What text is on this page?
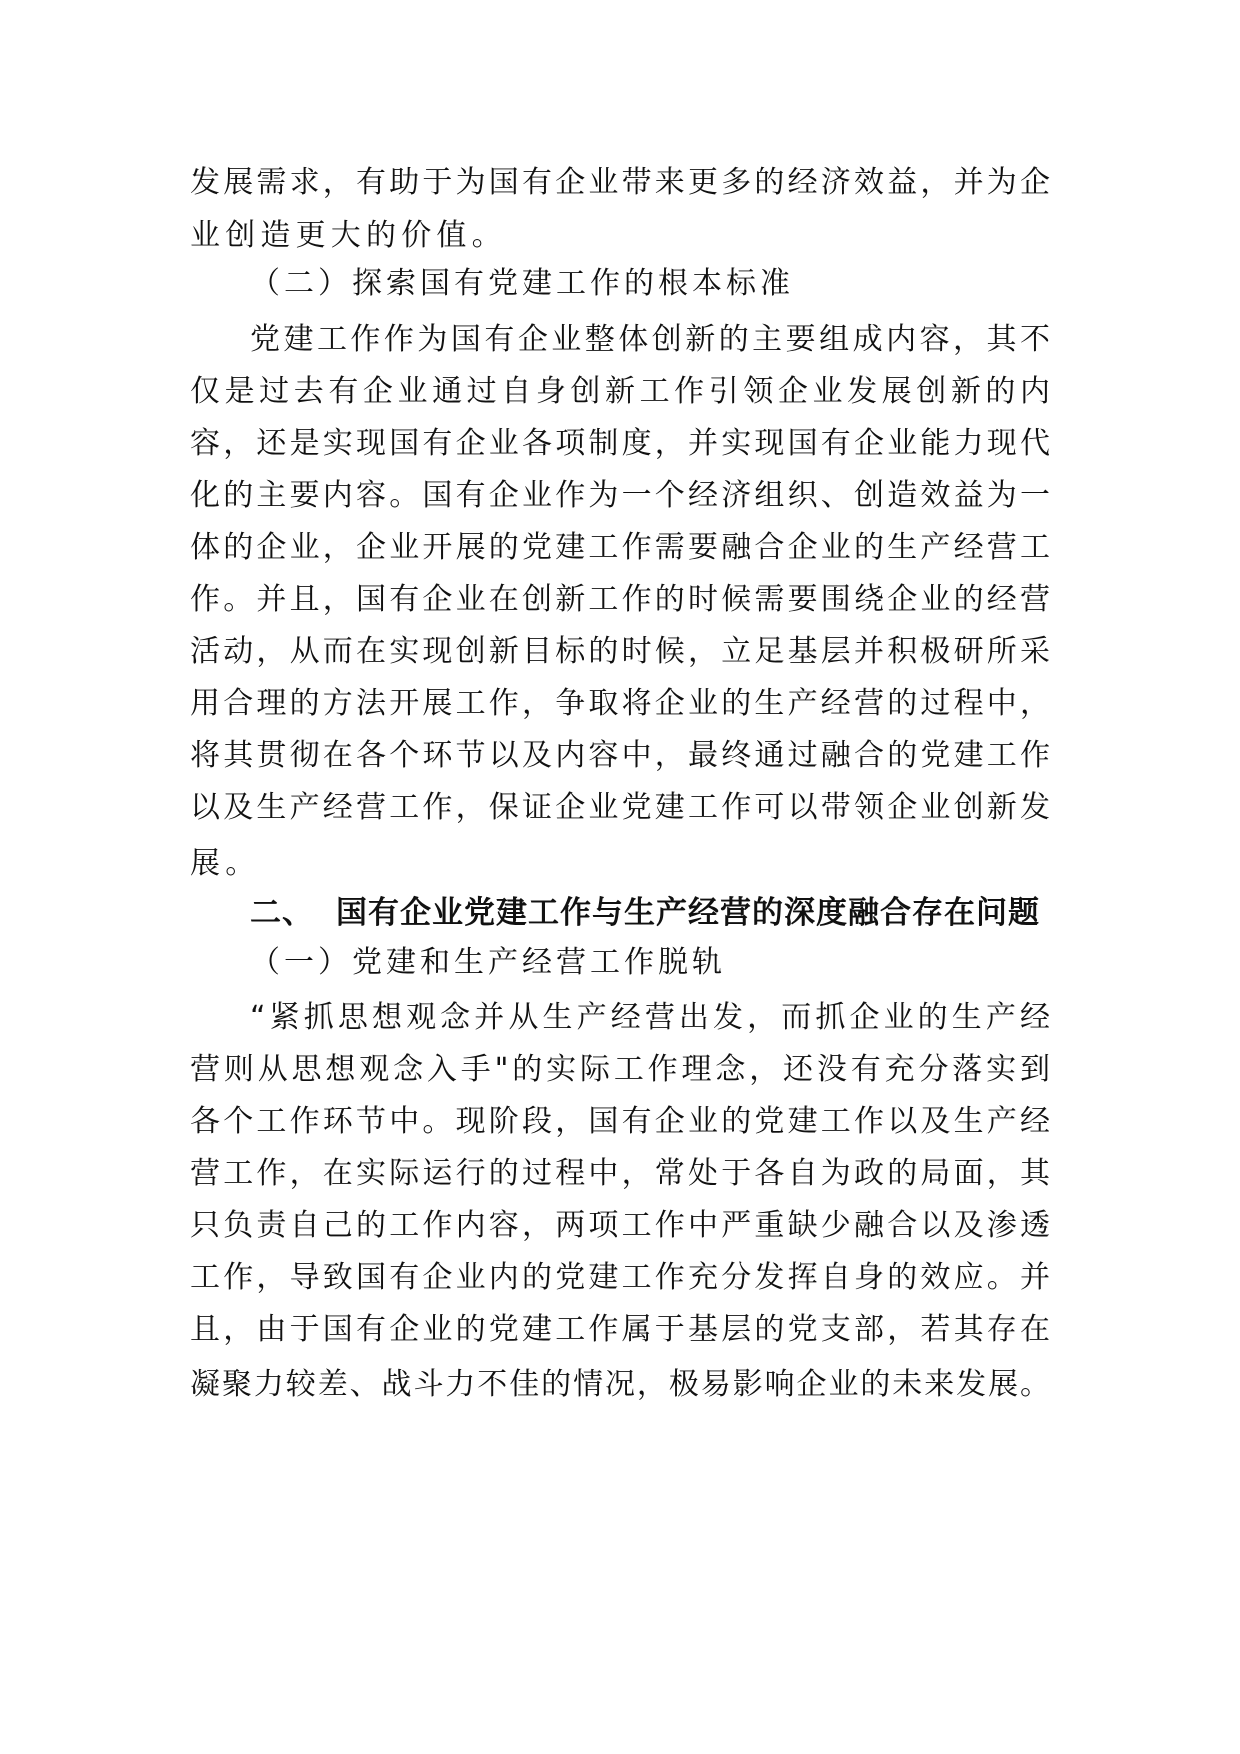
发展需求，有助于为国有企业带来更多的经济效益，并为企
业创造更大的价值。
（二）探索国有党建工作的根本标准
党建工作作为国有企业整体创新的主要组成内容，其不
仅是过去有企业通过自身创新工作引领企业发展创新的内
容，还是实现国有企业各项制度，并实现国有企业能力现代
化的主要内容。国有企业作为一个经济组织、创造效益为一
体的企业，企业开展的党建工作需要融合企业的生产经营工
作。并且，国有企业在创新工作的时候需要围绕企业的经营
活动，从而在实现创新目标的时候，立足基层并积极研所采
用合理的方法开展工作，争取将企业的生产经营的过程中，
将其贯彻在各个环节以及内容中，最终通过融合的党建工作
以及生产经营工作，保证企业党建工作可以带领企业创新发
展。
二、 国有企业党建工作与生产经营的深度融合存在问题
（一）党建和生产经营工作脱轨
“紧抓思想观念并从生产经营出发，而抓企业的生产经
营则从思想观念入手"的实际工作理念，还没有充分落实到
各个工作环节中。现阶段，国有企业的党建工作以及生产经
营工作，在实际运行的过程中，常处于各自为政的局面，其
只负责自己的工作内容，两项工作中严重缺少融合以及渗透
工作，导致国有企业内的党建工作充分发挥自身的效应。并
且，由于国有企业的党建工作属于基层的党支部，若其存在
凝聚力较差、战斗力不佳的情况，极易影响企业的未来发展。
